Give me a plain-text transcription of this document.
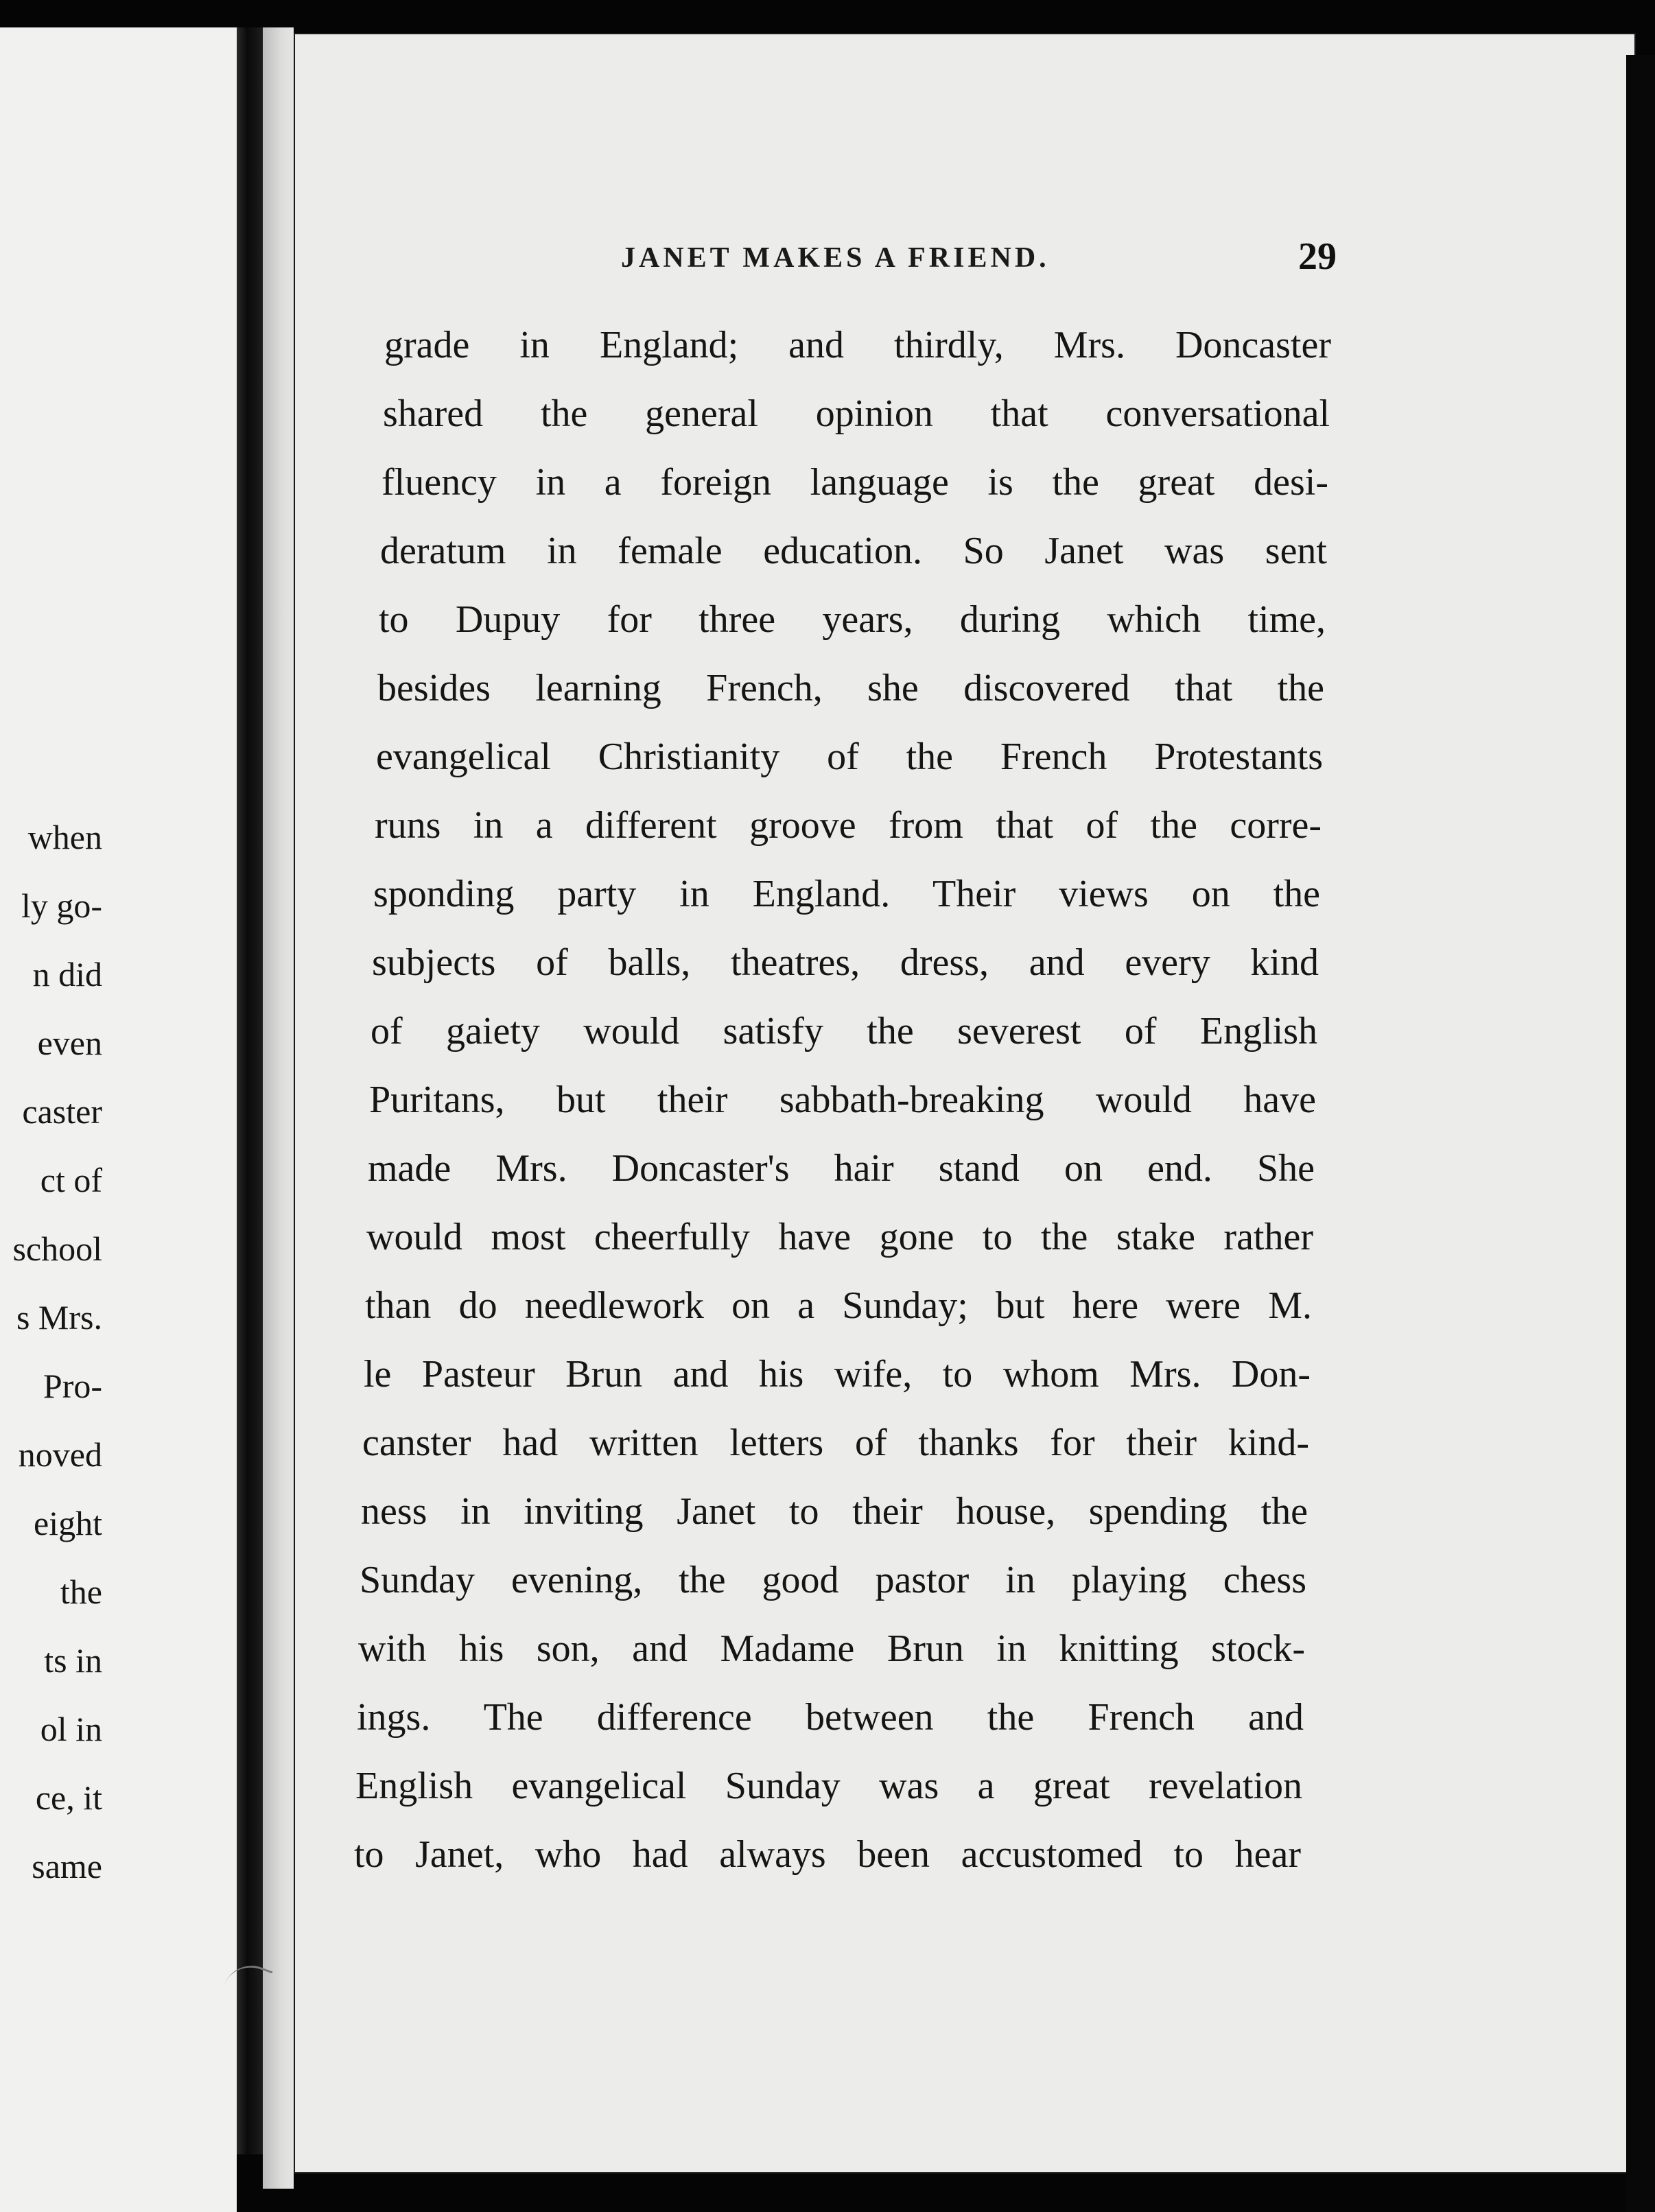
when
ly go-
n did
even
caster
ct of
school
s Mrs.
Pro-
noved
eight
the
ts in
ol in
ce, it
same
JANET MAKES A FRIEND.	29
grade in England; and thirdly, Mrs. Doncaster
shared the general opinion that conversational
fluency in a foreign language is the great desi-
deratum in female education. So Janet was sent
to Dupuy for three years, during which time,
besides learning French, she discovered that the
evangelical Christianity of the French Protestants
runs in a different groove from that of the corre-
sponding party in England. Their views on the
subjects of balls, theatres, dress, and every kind
of gaiety would satisfy the severest of English
Puritans, but their sabbath-breaking would have
made Mrs. Doncaster's hair stand on end. She
would most cheerfully have gone to the stake rather
than do needlework on a Sunday; but here were M.
le Pasteur Brun and his wife, to whom Mrs. Don-
canster had written letters of thanks for their kind-
ness in inviting Janet to their house, spending the
Sunday evening, the good pastor in playing chess
with his son, and Madame Brun in knitting stock-
ings. The difference between the French and
English evangelical Sunday was a great revelation
to Janet, who had always been accustomed to hear
